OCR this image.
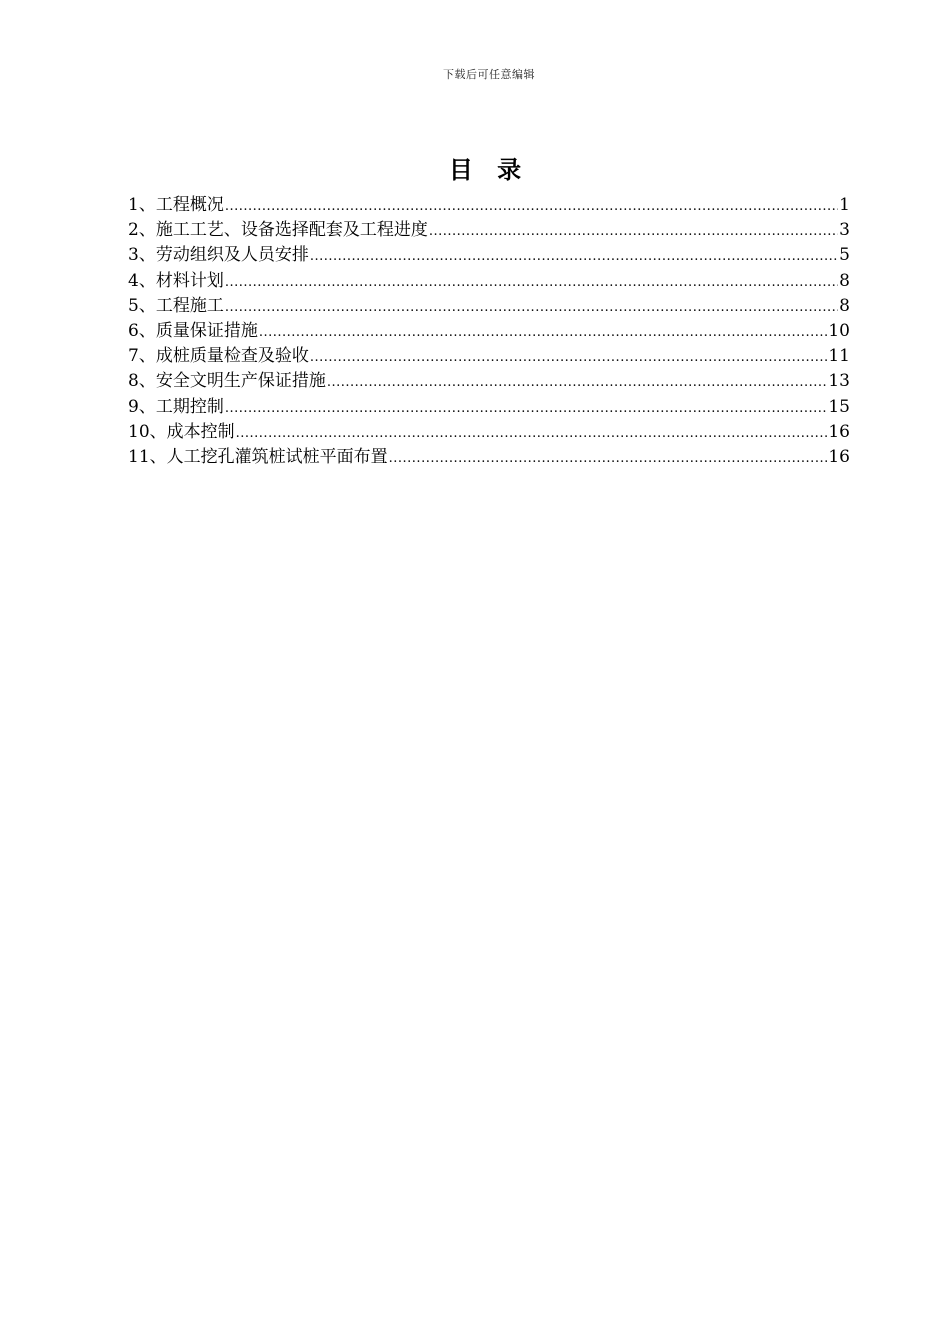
下载后可任意编辑
目 录
1、工程概况 .....	1
2、施工工艺、设备选择配套及工程进度 .....	3
3、劳动组织及人员安排 .....	5
4、材料计划 .....	8
5、工程施工 .....	8
6、质量保证措施 .....	10
7、成桩质量检查及验收 .....	11
8、安全文明生产保证措施 .....	13
9、工期控制 .....	15
10、成本控制 .....	16
11、人工挖孔灌筑桩试桩平面布置 .....	16
